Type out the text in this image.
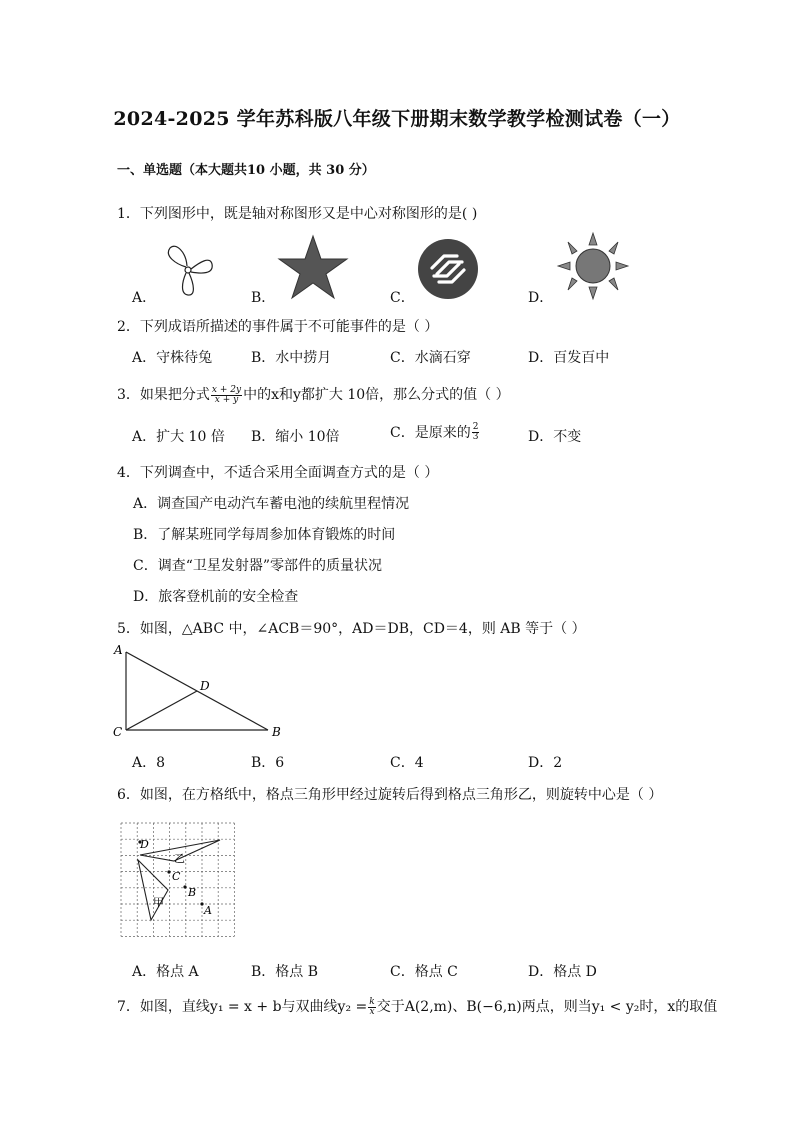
2024-2025 学年苏科版八年级下册期末数学教学检测试卷（一）
一、单选题（本大题共10 小题，共 30 分）
1．下列图形中，既是轴对称图形又是中心对称图形的是( )
A．	B．	C．	D．
2．下列成语所描述的事件属于不可能事件的是（ ）
A．守株待兔	B．水中捞月	C．水滴石穿	D．百发百中
3．如果把分式 $\frac{x + 2y}{x + y}$ 中的x和y都扩大 10倍，那么分式的值（ ）
A．扩大 10 倍 B．缩小 10倍	C．是原来的 $\frac{2}{3}$	D．不变
4．下列调查中，不适合采用全面调查方式的是（ ）
A．调查国产电动汽车蓄电池的续航里程情况
B．了解某班同学每周参加体育锻炼的时间
C．调查“卫星发射器”零部件的质量状况
D．旅客登机前的安全检查
5．如图，△ABC 中，∠ACB＝90°，AD＝DB，CD＝4，则 AB 等于（ ）
A
B
C
D
A．8	B．6	C．4	D．2
6．如图，在方格纸中，格点三角形甲经过旋转后得到格点三角形乙，则旋转中心是（ ）
D
乙
C
B
甲
A
A．格点 A	B．格点 B	C．格点 C	D．格点 D
7．如图，直线y₁ = x + b与双曲线$y_2 = \frac{k}{x}$ 交于A(2,m)、B(−6,n)两点，则当y₁ < y₂时，x的取值
